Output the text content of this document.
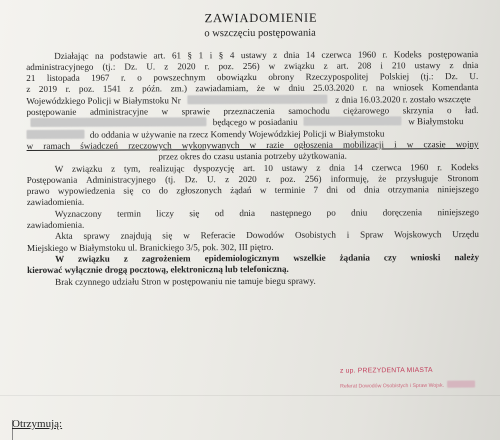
ZAWIADOMIENIE
o wszczęciu postępowania
Działając na podstawie art. 61 § 1 i § 4 ustawy z dnia 14 czerwca 1960 r. Kodeks postępowania
administracyjnego (tj.: Dz. U. z 2020 r. poz. 256) w związku z art. 208 i 210 ustawy z dnia
21 listopada 1967 r. o powszechnym obowiązku obrony Rzeczypospolitej Polskiej (tj.: Dz. U.
z 2019 r. poz. 1541 z późn. zm.) zawiadamiam, że w dniu 25.03.2020 r. na wniosek Komendanta
Wojewódzkiego Policji w Białymstoku Nr	z dnia 16.03.2020 r. zostało wszczęte
postępowanie administracyjne w sprawie przeznaczenia samochodu ciężarowego skrzynia o ład.
będącego w posiadaniu	w Białymstoku
do oddania w używanie na rzecz Komendy Wojewódzkiej Policji w Białymstoku
w ramach świadczeń rzeczowych wykonywanych w razie ogłoszenia mobilizacji i w czasie wojny
przez okres do czasu ustania potrzeby użytkowania.
W związku z tym, realizując dyspozycję art. 10 ustawy z dnia 14 czerwca 1960 r. Kodeks
Postępowania Administracyjnego (tj. Dz. U. z 2020 r. poz. 256) informuję, że przysługuje Stronom
prawo wypowiedzenia się co do zgłoszonych żądań w terminie 7 dni od dnia otrzymania niniejszego
zawiadomienia.
Wyznaczony termin liczy się od dnia następnego po dniu doręczenia niniejszego
zawiadomienia.
Akta sprawy znajdują się w Referacie Dowodów Osobistych i Spraw Wojskowych Urzędu
Miejskiego w Białymstoku ul. Branickiego 3/5, pok. 302, III piętro.
W związku z zagrożeniem epidemiologicznym wszelkie żądania czy wnioski należy
kierować wyłącznie drogą pocztową, elektroniczną lub telefoniczną.
Brak czynnego udziału Stron w postępowaniu nie tamuje biegu sprawy.
z up. PREZYDENTA MIASTA
Referat Dowodów Osobistych i Spraw Wojsk.
Otrzymują:
